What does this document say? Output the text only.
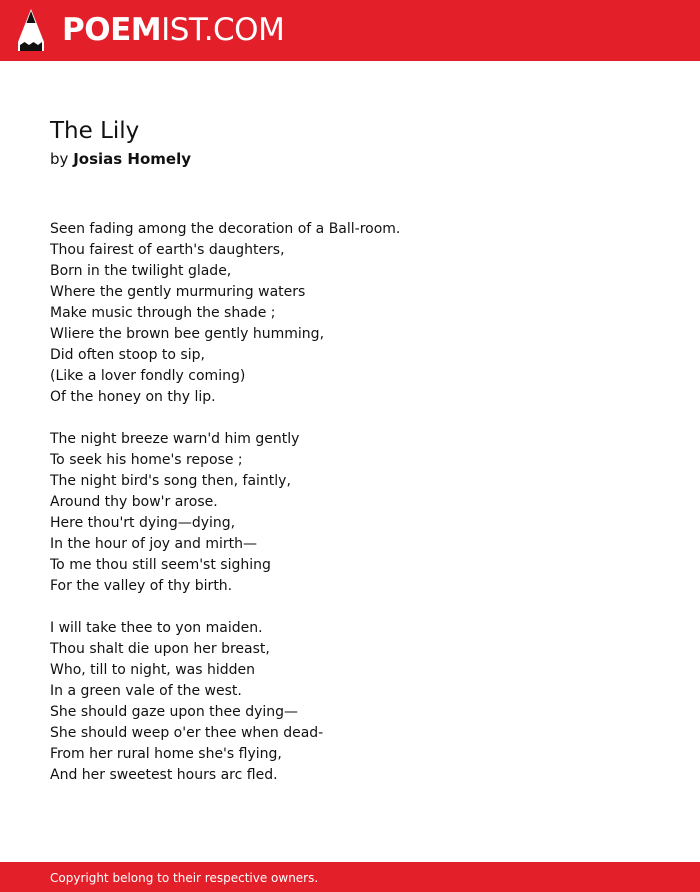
POEMIST.COM
The Lily
by Josias Homely
Seen fading among the decoration of a Ball-room.
Thou fairest of earth's daughters,
Born in the twilight glade,
Where the gently murmuring waters
Make music through the shade ;
Wliere the brown bee gently humming,
Did often stoop to sip,
(Like a lover fondly coming)
Of the honey on thy lip.
The night breeze warn'd him gently
To seek his home's repose ;
The night bird's song then, faintly,
Around thy bow'r arose.
Here thou'rt dying—dying,
In the hour of joy and mirth—
To me thou still seem'st sighing
For the valley of thy birth.
I will take thee to yon maiden.
Thou shalt die upon her breast,
Who, till to night, was hidden
In a green vale of the west.
She should gaze upon thee dying—
She should weep o'er thee when dead-
From her rural home she's flying,
And her sweetest hours arc fled.
Copyright belong to their respective owners.
